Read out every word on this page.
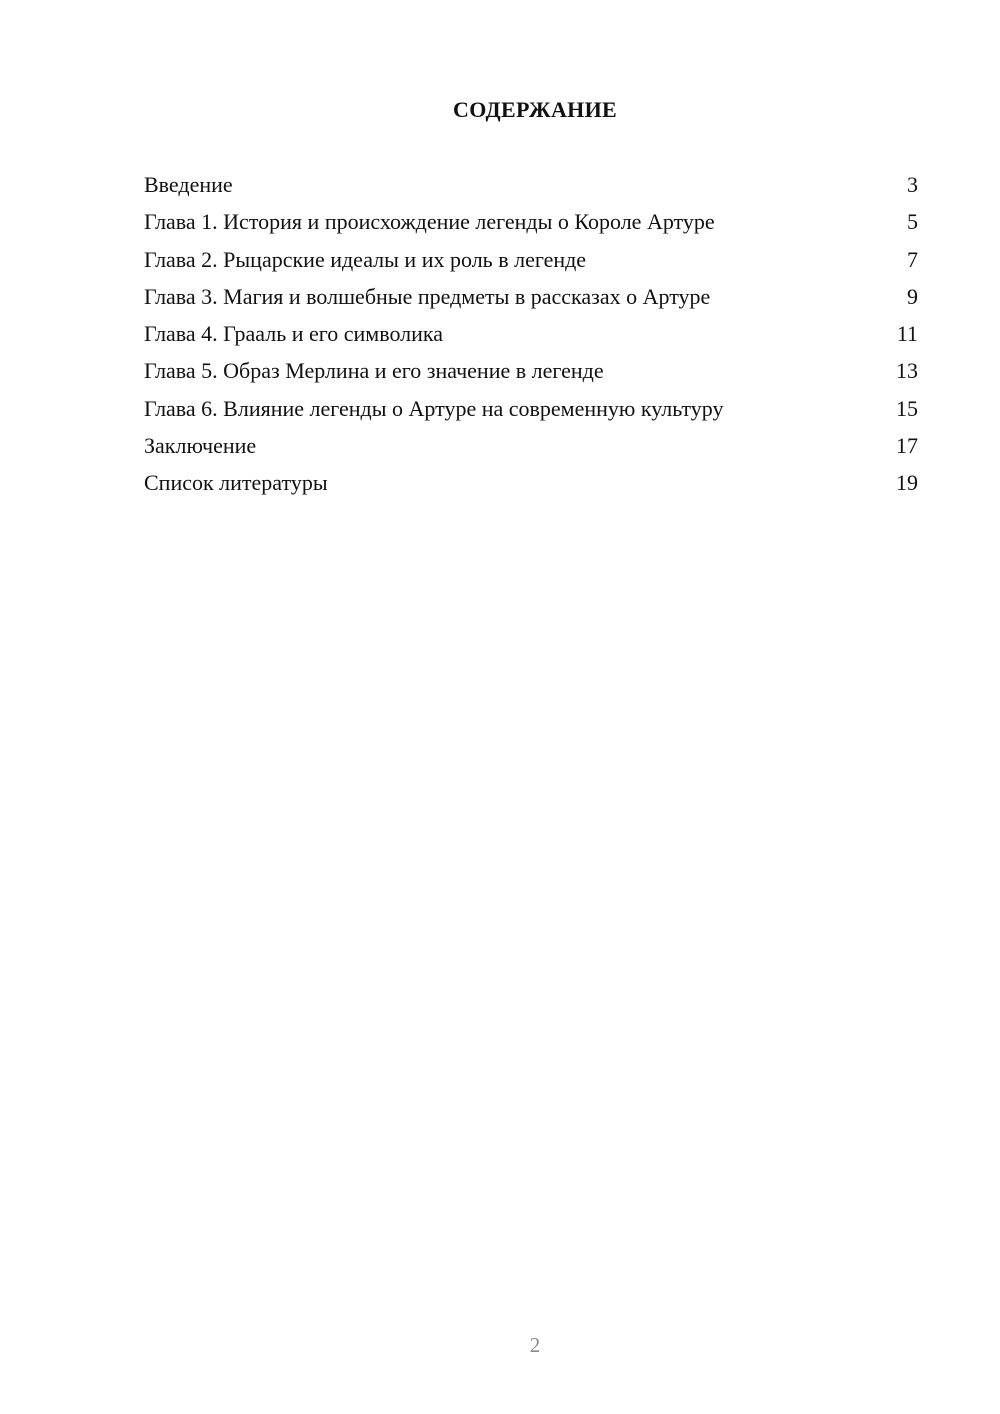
СОДЕРЖАНИЕ
Введение	3
Глава 1. История и происхождение легенды о Короле Артуре	5
Глава 2. Рыцарские идеалы и их роль в легенде	7
Глава 3. Магия и волшебные предметы в рассказах о Артуре	9
Глава 4. Грааль и его символика	11
Глава 5. Образ Мерлина и его значение в легенде	13
Глава 6. Влияние легенды о Артуре на современную культуру	15
Заключение	17
Список литературы	19
2
